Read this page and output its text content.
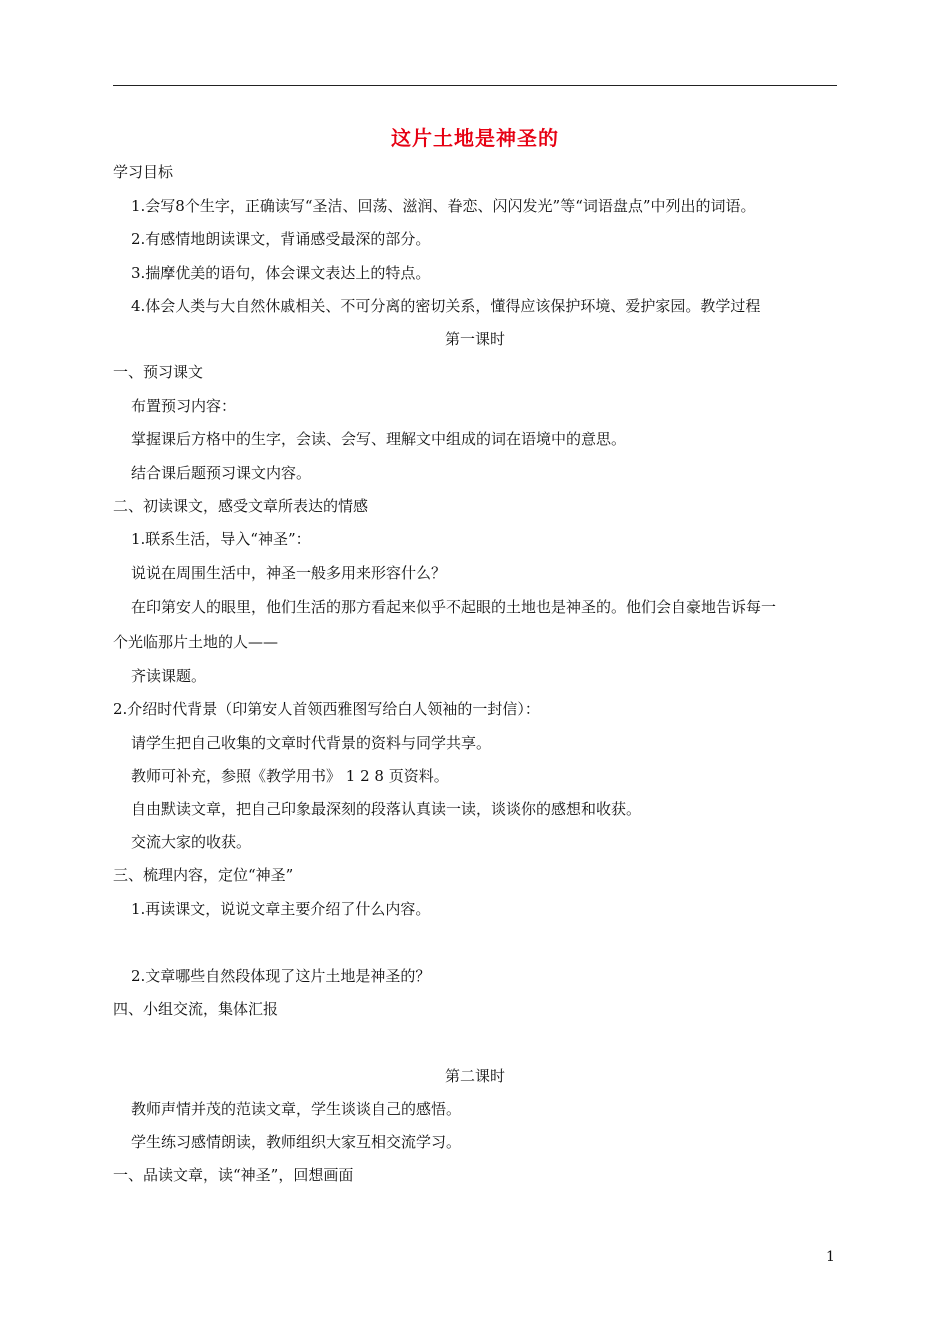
这片土地是神圣的
学习目标
1.会写8个生字，正确读写“圣洁、回荡、滋润、眷恋、闪闪发光”等“词语盘点”中列出的词语。
2.有感情地朗读课文，背诵感受最深的部分。
3.揣摩优美的语句，体会课文表达上的特点。
4.体会人类与大自然休戚相关、不可分离的密切关系，懂得应该保护环境、爱护家园。教学过程
第一课时
一、预习课文
布置预习内容：
掌握课后方格中的生字，会读、会写、理解文中组成的词在语境中的意思。
结合课后题预习课文内容。
二、初读课文，感受文章所表达的情感
1.联系生活，导入“神圣”：
说说在周围生活中，神圣一般多用来形容什么？
在印第安人的眼里，他们生活的那方看起来似乎不起眼的土地也是神圣的。他们会自豪地告诉每一
个光临那片土地的人——
齐读课题。
2.介绍时代背景（印第安人首领西雅图写给白人领袖的一封信）：
请学生把自己收集的文章时代背景的资料与同学共享。
教师可补充，参照《教学用书》 1 2 8 页资料。
自由默读文章，把自己印象最深刻的段落认真读一读，谈谈你的感想和收获。
交流大家的收获。
三、梳理内容，定位“神圣”
1.再读课文，说说文章主要介绍了什么内容。
2.文章哪些自然段体现了这片土地是神圣的？
四、小组交流，集体汇报
第二课时
教师声情并茂的范读文章，学生谈谈自己的感悟。
学生练习感情朗读，教师组织大家互相交流学习。
一、品读文章，读“神圣”，回想画面
1
